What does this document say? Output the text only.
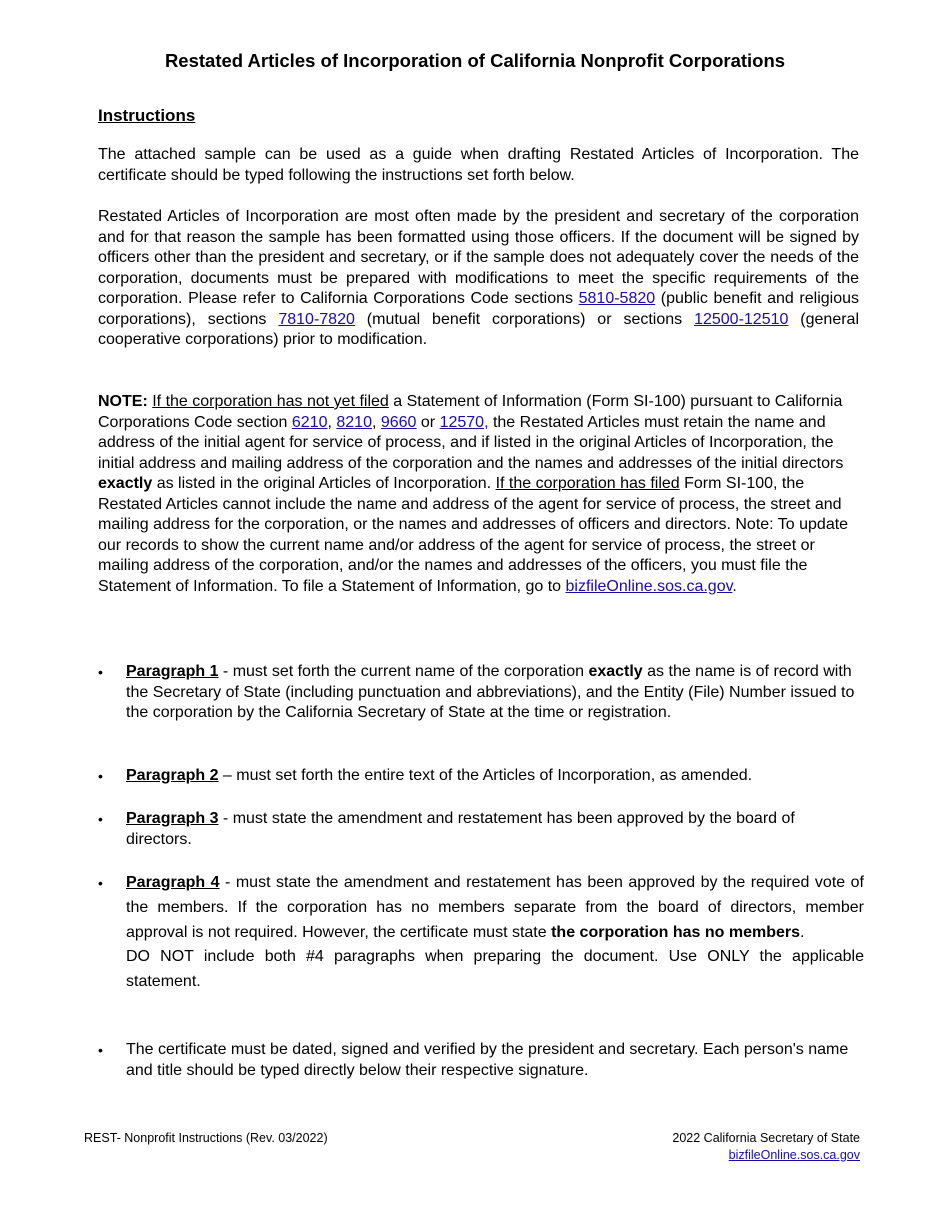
Restated Articles of Incorporation of California Nonprofit Corporations
Instructions

The attached sample can be used as a guide when drafting Restated Articles of Incorporation. The certificate should be typed following the instructions set forth below.

Restated Articles of Incorporation are most often made by the president and secretary of the corporation and for that reason the sample has been formatted using those officers. If the document will be signed by officers other than the president and secretary, or if the sample does not adequately cover the needs of the corporation, documents must be prepared with modifications to meet the specific requirements of the corporation. Please refer to California Corporations Code sections 5810-5820 (public benefit and religious corporations), sections 7810-7820 (mutual benefit corporations) or sections 12500-12510 (general cooperative corporations) prior to modification.

NOTE: If the corporation has not yet filed a Statement of Information (Form SI-100) pursuant to California Corporations Code section 6210, 8210, 9660 or 12570, the Restated Articles must retain the name and address of the initial agent for service of process, and if listed in the original Articles of Incorporation, the initial address and mailing address of the corporation and the names and addresses of the initial directors exactly as listed in the original Articles of Incorporation. If the corporation has filed Form SI-100, the Restated Articles cannot include the name and address of the agent for service of process, the street and mailing address for the corporation, or the names and addresses of officers and directors. Note: To update our records to show the current name and/or address of the agent for service of process, the street or mailing address of the corporation, and/or the names and addresses of the officers, you must file the Statement of Information. To file a Statement of Information, go to bizfileOnline.sos.ca.gov.

• Paragraph 1 - must set forth the current name of the corporation exactly as the name is of record with the Secretary of State (including punctuation and abbreviations), and the Entity (File) Number issued to the corporation by the California Secretary of State at the time or registration.

• Paragraph 2 – must set forth the entire text of the Articles of Incorporation, as amended.

• Paragraph 3 - must state the amendment and restatement has been approved by the board of directors.

• Paragraph 4 - must state the amendment and restatement has been approved by the required vote of the members. If the corporation has no members separate from the board of directors, member approval is not required. However, the certificate must state the corporation has no members.
DO NOT include both #4 paragraphs when preparing the document. Use ONLY the applicable statement.
• The certificate must be dated, signed and verified by the president and secretary. Each person's name and title should be typed directly below their respective signature.

REST- Nonprofit Instructions (Rev. 03/2022)	2022 California Secretary of State
bizfileOnline.sos.ca.gov
